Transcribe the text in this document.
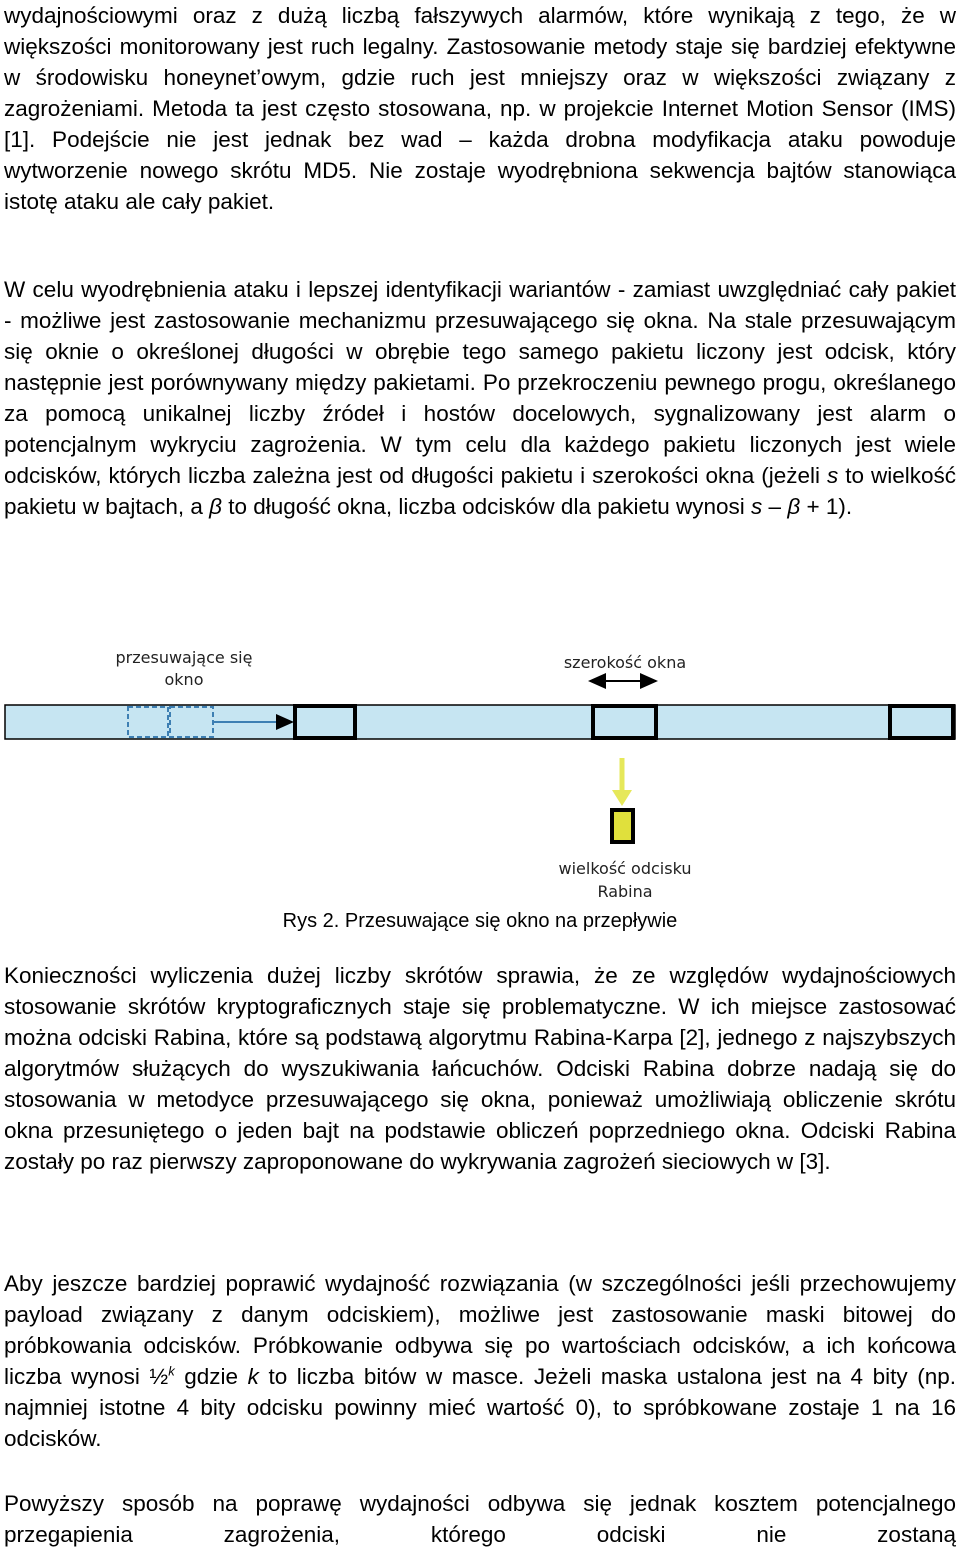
wydajnościowymi oraz z dużą liczbą fałszywych alarmów, które wynikają z tego, że w większości monitorowany jest ruch legalny. Zastosowanie metody staje się bardziej efektywne w środowisku honeynet’owym, gdzie ruch jest mniejszy oraz w większości związany z zagrożeniami. Metoda ta jest często stosowana, np. w projekcie Internet Motion Sensor (IMS) [1]. Podejście nie jest jednak bez wad – każda drobna modyfikacja ataku powoduje wytworzenie nowego skrótu MD5. Nie zostaje wyodrębniona sekwencja bajtów stanowiąca istotę ataku ale cały pakiet.

W celu wyodrębnienia ataku i lepszej identyfikacji wariantów - zamiast uwzględniać cały pakiet - możliwe jest zastosowanie mechanizmu przesuwającego się okna. Na stale przesuwającym się oknie o określonej długości w obrębie tego samego pakietu liczony jest odcisk, który następnie jest porównywany między pakietami. Po przekroczeniu pewnego progu, określanego za pomocą unikalnej liczby źródeł i hostów docelowych, sygnalizowany jest alarm o potencjalnym wykryciu zagrożenia. W tym celu dla każdego pakietu liczonych jest wiele odcisków, których liczba zależna jest od długości pakietu i szerokości okna (jeżeli s to wielkość pakietu w bajtach, a β to długość okna, liczba odcisków dla pakietu wynosi s – β + 1).

przesuwające się
okno
szerokość okna
wielkość odcisku
Rabina
Rys 2. Przesuwające się okno na przepływie

Konieczności wyliczenia dużej liczby skrótów sprawia, że ze względów wydajnościowych stosowanie skrótów kryptograficznych staje się problematyczne. W ich miejsce zastosować można odciski Rabina, które są podstawą algorytmu Rabina-Karpa [2], jednego z najszybszych algorytmów służących do wyszukiwania łańcuchów. Odciski Rabina dobrze nadają się do stosowania w metodyce przesuwającego się okna, ponieważ umożliwiają obliczenie skrótu okna przesuniętego o jeden bajt na podstawie obliczeń poprzedniego okna. Odciski Rabina zostały po raz pierwszy zaproponowane do wykrywania zagrożeń sieciowych w [3].

Aby jeszcze bardziej poprawić wydajność rozwiązania (w szczególności jeśli przechowujemy payload związany z danym odciskiem), możliwe jest zastosowanie maski bitowej do próbkowania odcisków. Próbkowanie odbywa się po wartościach odcisków, a ich końcowa liczba wynosi ½$^k$ gdzie k to liczba bitów w masce. Jeżeli maska ustalona jest na 4 bity (np. najmniej istotne 4 bity odcisku powinny mieć wartość 0), to spróbkowane zostaje 1 na 16 odcisków.

Powyższy sposób na poprawę wydajności odbywa się jednak kosztem potencjalnego przegapienia zagrożenia, którego odciski nie zostaną
